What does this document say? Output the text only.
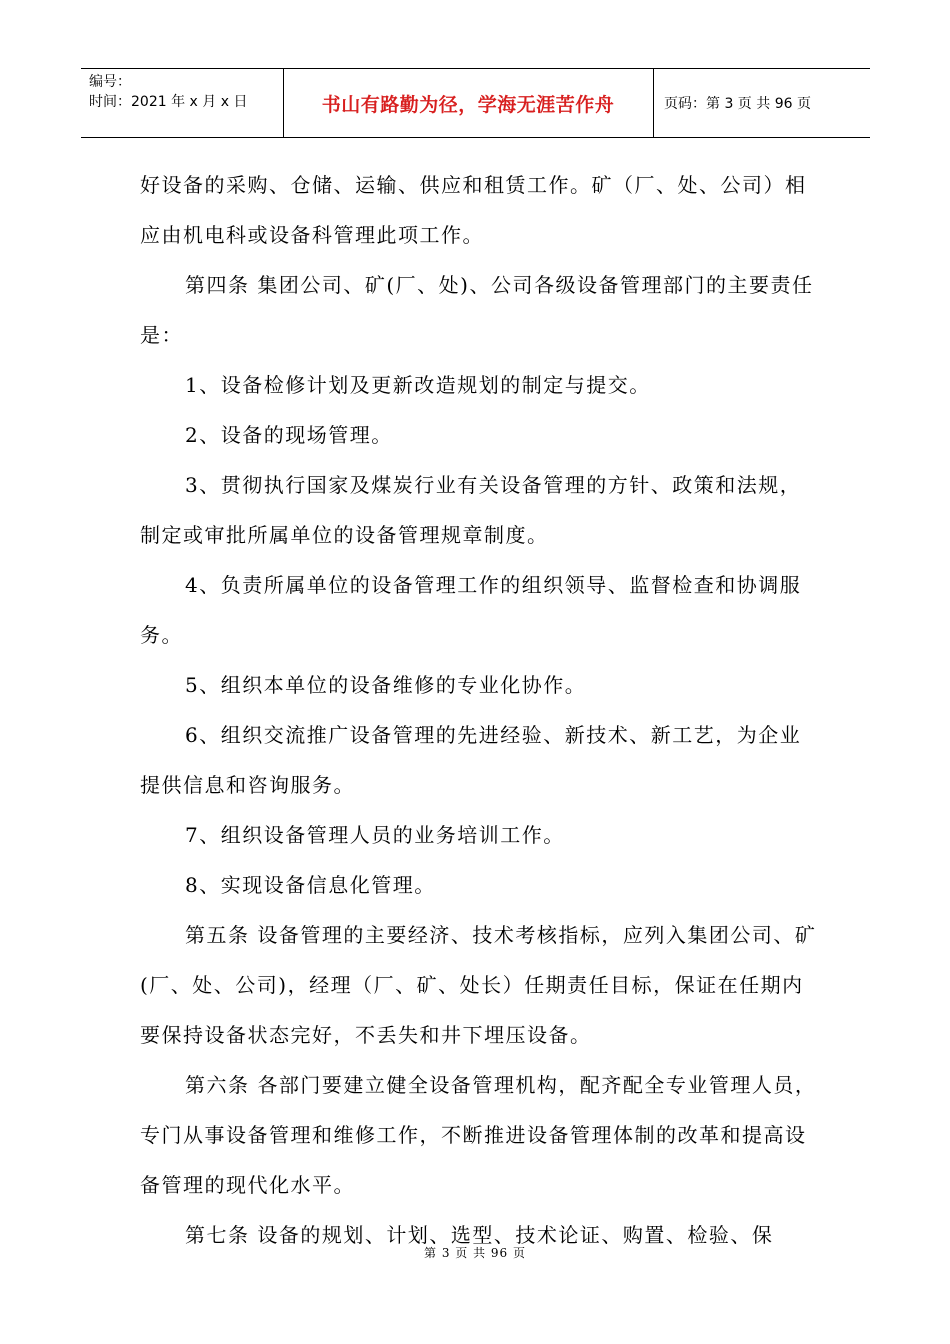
编号：
时间：2021 年 x 月 x 日	书山有路勤为径，学海无涯苦作舟	页码：第 3 页 共 96 页

好设备的采购、仓储、运输、供应和租赁工作。矿（厂、处、公司）相应由机电科或设备科管理此项工作。

第四条 集团公司、矿(厂、处)、公司各级设备管理部门的主要责任是：

1、设备检修计划及更新改造规划的制定与提交。

2、设备的现场管理。

3、贯彻执行国家及煤炭行业有关设备管理的方针、政策和法规，制定或审批所属单位的设备管理规章制度。

4、负责所属单位的设备管理工作的组织领导、监督检查和协调服务。

5、组织本单位的设备维修的专业化协作。

6、组织交流推广设备管理的先进经验、新技术、新工艺，为企业提供信息和咨询服务。

7、组织设备管理人员的业务培训工作。

8、实现设备信息化管理。

第五条 设备管理的主要经济、技术考核指标，应列入集团公司、矿(厂、处、公司)，经理（厂、矿、处长）任期责任目标，保证在任期内要保持设备状态完好，不丢失和井下埋压设备。

第六条 各部门要建立健全设备管理机构，配齐配全专业管理人员，专门从事设备管理和维修工作，不断推进设备管理体制的改革和提高设备管理的现代化水平。

第七条 设备的规划、计划、选型、技术论证、购置、检验、保

第 3 页 共 96 页
